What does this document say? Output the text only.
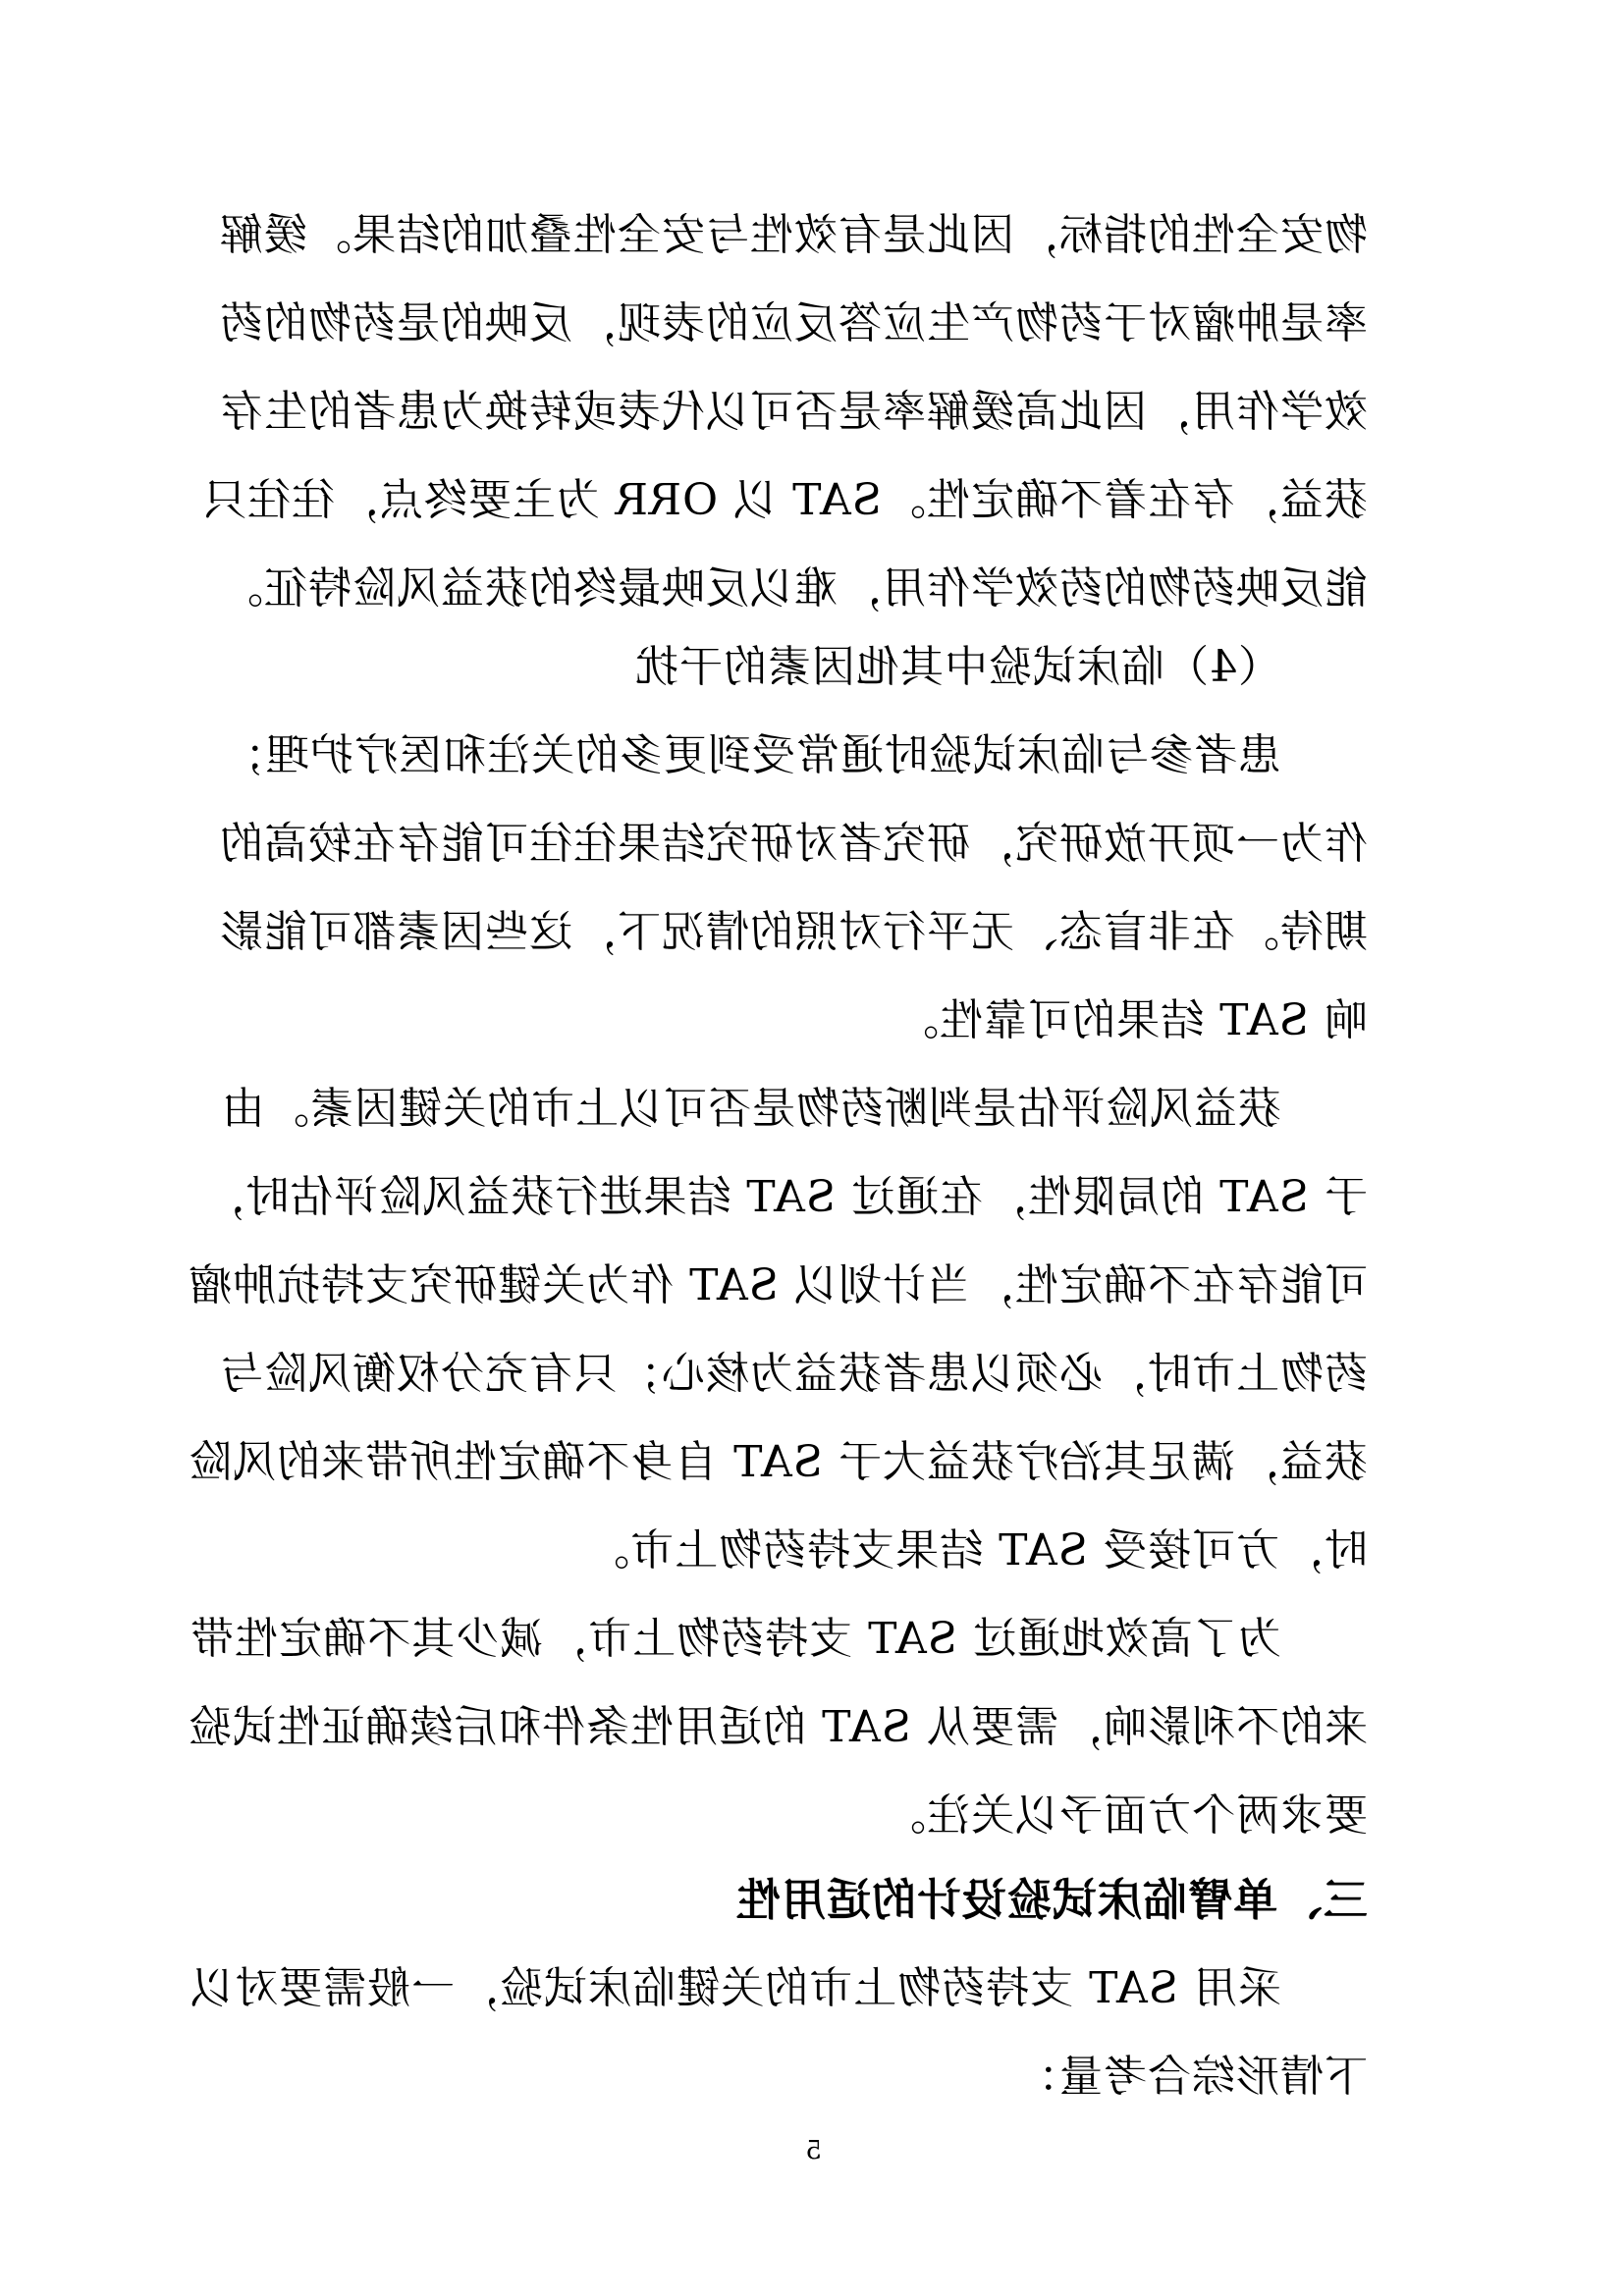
物安全性的指标，因此是有效性与安全性叠加的结果。缓解
率是肿瘤对于药物产生应答反应的表现，反映的是药物的药
效学作用，因此高缓解率是否可以代表或转换为患者的生存
获益，存在着不确定性。SAT 以 ORR 为主要终点，往往只
能反映药物的药效学作用，难以反映最终的获益风险特征。
（4）临床试验中其他因素的干扰
患者参与临床试验时通常受到更多的关注和医疗护理；
作为一项开放研究，研究者对研究结果往往可能存在较高的
期待。在非盲态、无平行对照的情况下，这些因素都可能影
响 SAT 结果的可靠性。
获益风险评估是判断药物是否可以上市的关键因素。由
于 SAT 的局限性，在通过 SAT 结果进行获益风险评估时，
可能存在不确定性，当计划以 SAT 作为关键研究支持抗肿瘤
药物上市时，必须以患者获益为核心；只有充分权衡风险与
获益，满足其治疗获益大于 SAT 自身不确定性所带来的风险
时，方可接受 SAT 结果支持药物上市。
为了高效地通过 SAT 支持药物上市，减少其不确定性带
来的不利影响，需要从 SAT 的适用性条件和后续确证性试验
要求两个方面予以关注。
三、单臂临床试验设计的适用性
采用 SAT 支持药物上市的关键临床试验，一般需要对以
下情形综合考量：
5
